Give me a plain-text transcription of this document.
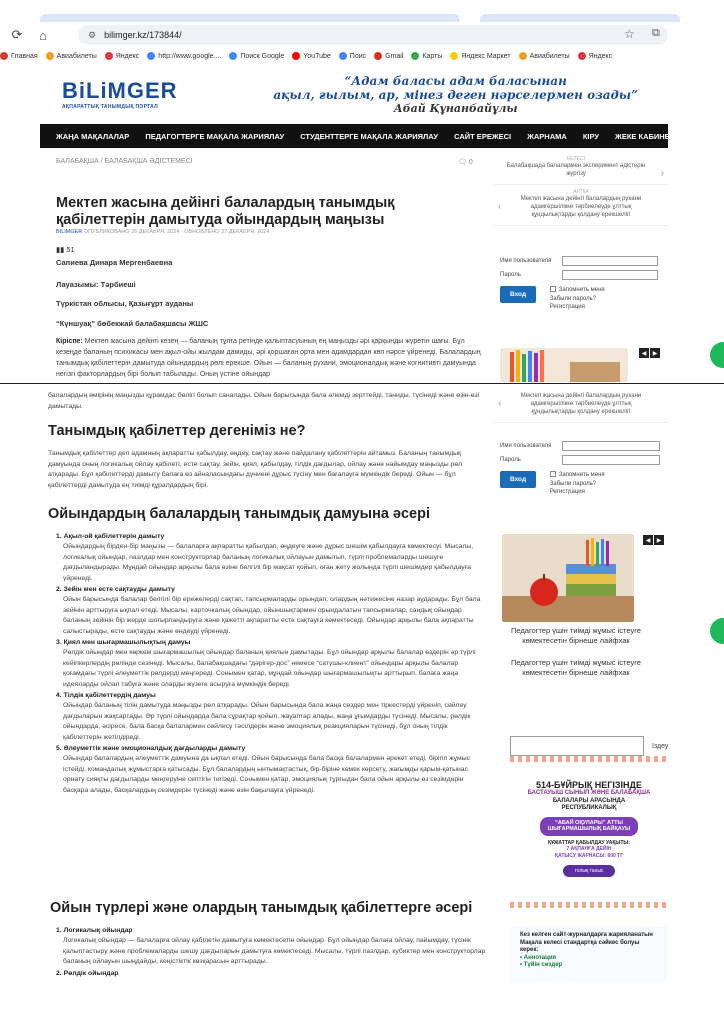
⟳	⌂	⚙ bilimger.kz/173844/	☆ ⧉
Главная	Авиабилеты	Яндекс	http://www.google....	Поиск Google	YouTube	Поис	Gmail	Карты	Яндекс Маркет	Авиабилеты	Яндекс
BiLiMGER
АҚПАРАТТЫҚ ТАНЫМДЫҚ ПОРТАЛ
“Адам баласы адам баласынан
ақыл, ғылым, ар, мінез деген нәрселермен озады”
Абай Құнанбайұлы
ЖАҢА МАҚАЛАЛАР ПЕДАГОГТЕРГЕ МАҚАЛА ЖАРИЯЛАУ СТУДЕНТТЕРГЕ МАҚАЛА ЖАРИЯЛАУ САЙТ ЕРЕЖЕСІ ЖАРНАМА КІРУ ЖЕКЕ КАБИНЕТ
БАЛАБАҚША / БАЛАБАҚША ӘДІСТЕМЕСІ	🗨 0
Мектеп жасына дейінгі балалардың танымдық қабілеттерін дамытуда ойындардың маңызы
BILIMGER ОПУБЛИКОВАНО 26 ДЕКАБРЯ, 2024 · ОБНОВЛЕНО 27 ДЕКАБРЯ, 2024
▮▮ 51
Сапиева Динара Мергенбаевна
Лауазымы: Тәрбиеші
Түркістан облысы, Қазығұрт ауданы
“Күншуақ” бөбекжай балабақшасы ЖШС
Кіріспе: Мектеп жасына дейінгі кезең — баланың тұлға ретінде қалыптасуының ең маңызды әрі қарқынды жүретін шағы. Бұл кезеңде баланың психикасы мен ақыл-ойы жылдам дамиды, әрі қоршаған орта мен адамдардан көп нәрсе үйренеді. Балалардың танымдық қабілеттерін дамытуда ойындардың рөлі ерекше. Ойын — баланың рухани, эмоционалдық және когнитивті дамуында негізгі факторлардың бірі болып табылады. Оның үстіне ойындар
КЕЛЕСІ
Балабақшада балалармен эксперимент әдістерін жүргізу	›
АРТҚА
Мектеп жасына дейінгі балалардың рухани адамгершілікке тәрбиелеуде ұлттық құндылықтарды қолдану ерекшелігі
‹
Имя пользователя
Пароль
Вход Запомнить меня
Забыли пароль?
Регистрация
◀	▶
балалардың өмірінің маңызды құрамдас бөлігі болып саналады. Ойын барысында бала әлемді зерттейді, таниды, түсінеді және өзін-өзі дамытады.
Танымдық қабілеттер дегеніміз не?
Танымдық қабілеттер деп адамның ақпаратты қабылдау, өңдеу, сақтау және пайдалану қабілеттерін айтамыз. Баланың танымдық дамуында оның логикалық ойлау қабілеті, есте сақтау, зейін, қиял, қабылдау, тілдік дағдылар, ойлау және найымдау маңызды рөл атқарады. Бұл қабілеттерді дамыту балаға өз айналасындағы дүниені дұрыс түсіну мен бағалауға мүмкіндік береді. Ойын — бұл қабілеттерді дамытуда ең тиімді құралдардың бірі.
Ойындардың балалардың танымдық дамуына әсері
1. Ақыл-ой қабілеттерін дамыту
Ойындардың бірден-бір маңызы — балаларға ақпаратты қабылдап, өңдеуге және дұрыс шешім қабылдауға көмектесуі. Мысалы, логикалық ойындар, пазлдар мен конструкторлар баланың логикалық ойлауын дамытып, түрлі проблемаларды шешуге дағдыландырады. Мұндай ойындар арқылы бала өзіне белгілі бір мақсат қойып, оған жету жолында түрлі шешімдер қабылдауға үйренеді.
2. Зейін мен есте сақтауды дамыту
Ойын барысында балалар белгілі бір ережелерді сақтап, тапсырмаларды орындап, олардың нәтижесіне назар аударады. Бұл бала зейінін арттыруға ықпал етеді. Мысалы, карточкалық ойындар, ойыншықтармен орындалатын тапсырмалар, сандық ойындар баланың зейінін бір жерде шоғырландыруға және қажетті ақпаратты есте сақтауға көмектеседі. Ойындар арқылы бала ақпаратты салыстырады, есте сақтауды және өндеуді үйренеді.
3. Қиял мен шығармашылықтың дамуы
Рөлдік ойындар мен көркем шығармашылық ойындар баланың қиялын дамытады. Бұл ойындар арқылы балалар өздерін әр түрлі кейіпкерлердің рөлінде сезінеді. Мысалы, балабақшадағы “дәрігер-дос” немесе “сатушы-клиент” ойындары арқылы балалар қоғамдағы түрлі әлеуметтік рөлдерді меңгереді. Сонымен қатар, мұндай ойындар шығармашылықты арттырып, балаға жаңа идеяларды ойлап табуға және оларды жүзеге асыруға мүмкіндік береді.
4. Тілдік қабілеттердің дамуы
Ойындар баланың тілін дамытуда маңызды рөл атқарады. Ойын барысында бала жаңа сөздер мен тіркестерді үйреніп, сөйлеу дағдыларын жақсартады. Әр түрлі ойындарда бала сұрақтар қойып, жауаптар алады, жаңа ұғымдарды түсінеді. Мысалы, рөлдік ойындарда, әсіресе, бала басқа балалармен сөйлесу тәсілдерін және эмоциялық реакцияларын түсінеді, бұл оның тілдік қабілеттерін жетілдіреді.
5. Әлеуметтік және эмоционалдық дағдыларды дамыту
Ойындар балалардың әлеуметтік дамуына да ықпал етеді. Ойын барысында бала басқа балалармен әрекет етеді, бірігіп жұмыс істейді, командалық жұмыстарға қатысады. Бұл балалардың ынтымақтастық, бір-біріне көмек көрсету, жағымды қарым-қатынас орнату сияқты дағдыларды меңгеруіне септігін тигізеді. Сонымен қатар, эмоциялық тұрғыдан бала ойын арқылы өз сезімдерін басқара алады, басқалардың сезімдерін түсінеді және өзін бақылауға үйренеді.
Ойын түрлері және олардың танымдық қабілеттерге әсері
1. Логикалық ойындар
Логикалық ойындар — балаларға ойлау қабілетін дамытуға көмектесетін ойындар. Бұл ойындар балаға ойлау, пайымдау, түсінік қалыптастыру және проблемаларды шешу дағдыларын дамытуға көмектеседі. Мысалы, түрлі пазлдар, кубиктер мен конструкторлар баланың ойлауын шыңдайды, кеңістіктік көзқарасын арттырады.
2. Рөлдік ойындар
Мектеп жасына дейінгі балалардың рухани адамгершілікке тәрбиелеуде ұлттық құндылықтарды қолдану ерекшелігі
‹
Имя пользователя
Пароль
Вход Запомнить меня
Забыли пароль?
Регистрация
◀	▶
Педагогтер үшін тиімді жұмыс істеуге көмектесетін бірнеше лайфхак
Педагогтер үшін тиімді жұмыс істеуге көмектесетін бірнеше лайфхак
Іздеу
514-БҰЙРЫҚ НЕГІЗІНДЕ
БАСТАУЫШ СЫНЫП ЖӘНЕ БАЛАБАҚША
БАЛАЛАРЫ АРАСЫНДА
РЕСПУБЛИКАЛЫҚ
“АБАЙ ОҚУЛАРЫ” АТТЫ
ШЫҒАРМАШЫЛЫҚ БАЙҚАУЫ
ҚҰЖАТТАР ҚАБЫЛДАУ УАҚЫТЫ:
7 АҚПАНҒА ДЕЙІН
ҚАТЫСУ ЖАРНАСЫ: 600 ТГ
толық таныс
Кез келген сайт-журналдарға жарияланатын Мақала келесі стандартқа сәйкес болуы керек:
• Аннотация
• Түйін сөздер
